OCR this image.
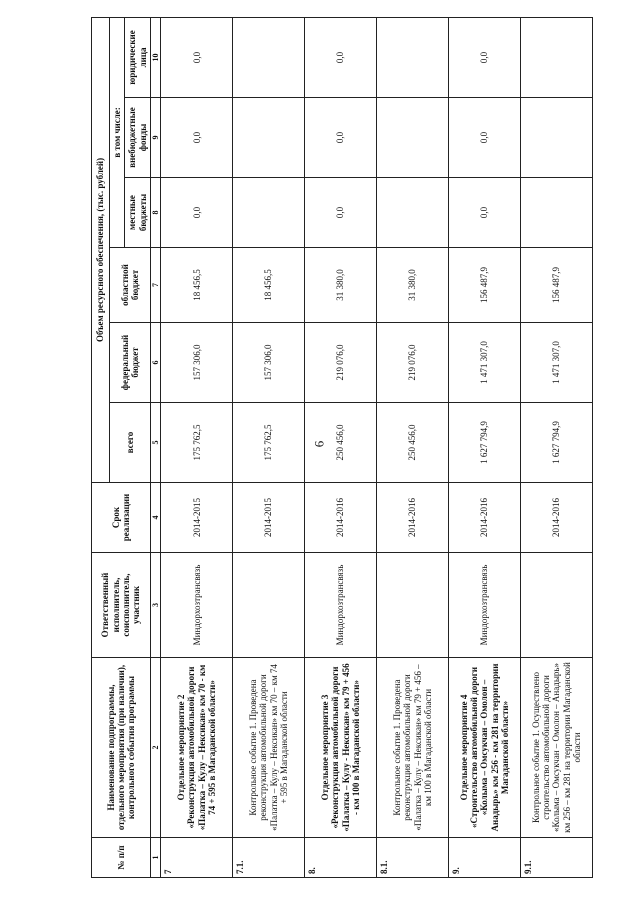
6
№ п/п	Наименование подпрограммы, отдельного мероприятия (при наличии), контрольного события программы	Ответственный исполнитель, соисполнитель, участник	Срок реализации	Объем ресурсного обеспечения, (тыс. рублей)					
				всего	федеральный бюджет	областной бюджет	в том числе:		
							местные бюджеты	внебюджетные фонды	юридические лица
1	2	3	4	5	6	7	8	9	10
7	Отдельное мероприятие 2 «Реконструкция автомобильной дороги «Палатка – Кулу – Нексикан» км 70 - км 74 + 595 в Магаданской области»	Миндорхозтрансвязь	2014-2015	175 762,5	157 306,0	18 456,5	0,0	0,0	0,0
7.1.	Контрольное событие 1. Проведена реконструкция автомобильной дороги «Палатка – Кулу – Нексикан» км 70 – км 74 + 595 в Магаданской области		2014-2015	175 762,5	157 306,0	18 456,5			
8.	Отдельное мероприятие 3 «Реконструкция автомобильной дороги «Палатка – Кулу - Нексикан» км 79 + 456 - км 100 в Магаданской области»	Миндорхозтрансвязь	2014-2016	250 456,0	219 076,0	31 380,0	0,0	0,0	0,0
8.1.	Контрольное событие 1. Проведена реконструкция автомобильной дороги «Палатка – Кулу – Нексикан» км 79 + 456 – км 100 в Магаданской области		2014-2016	250 456,0	219 076,0	31 380,0			
9.	Отдельное мероприятие 4 «Строительство автомобильной дороги «Колыма – Омсукчан – Омолон – Анадырь» км 256 - км 281 на территории Магаданской области»	Миндорхозтрансвязь	2014-2016	1 627 794,9	1 471 307,0	156 487,9	0,0	0,0	0,0
9.1.	Контрольное событие 1. Осуществлено строительство автомобильной дороги «Колыма – Омсукчан – Омолон – Анадырь» км 256 – км 281 на территории Магаданской области		2014-2016	1 627 794,9	1 471 307,0	156 487,9			
